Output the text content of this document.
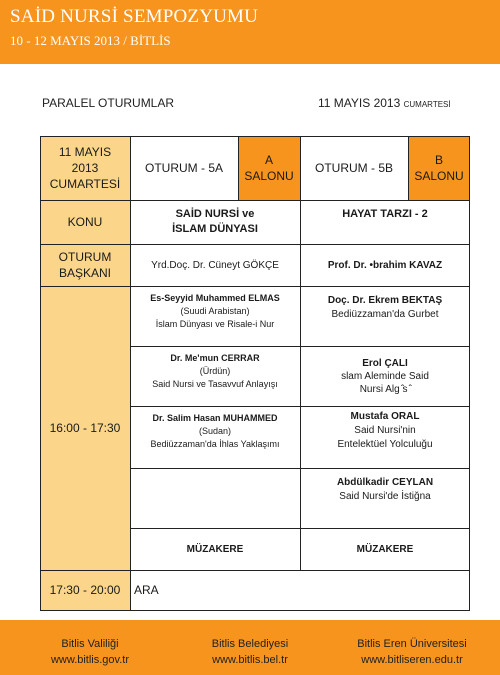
SAİD NURSİ SEMPOZYUMU
10 - 12 MAYIS 2013 / BİTLİS
PARALEL OTURUMLAR	11 MAYIS 2013 CUMARTESİ
11 MAYIS
2013
CUMARTESİ
KONU
OTURUM
BAŞKANI
16:00 - 17:30
17:30 - 20:00
OTURUM - 5A
A
SALONU
OTURUM - 5B
B
SALONU
SAİD NURSİ ve
İSLAM DÜNYASI
HAYAT TARZI - 2
Yrd.Doç. Dr. Cüneyt GÖKÇE	Prof. Dr. •brahim KAVAZ
Es-Seyyid Muhammed ELMAS
(Suudi Arabistan)
İslam Dünyası ve Risale-i Nur
Dr. Me'mun CERRAR
(Ürdün)
Said Nursi ve Tasavvuf Anlayışı
Dr. Salim Hasan MUHAMMED
(Sudan)
Bediüzzaman'da İhlas Yaklaşımı
MÜZAKERE
Doç. Dr. Ekrem BEKTAŞ
Bediüzzaman'da Gurbet
Erol ÇALI
slam Aleminde Said
Nursi Alg ̂s ̂
Mustafa ORAL
Said Nursi'nin
Entelektüel Yolculuğu
Abdülkadir CEYLAN
Said Nursi'de İstiğna
MÜZAKERE
ARA
Bitlis Valiliği
www.bitlis.gov.tr
Bitlis Belediyesi
www.bitlis.bel.tr
Bitlis Eren Üniversitesi
www.bitliseren.edu.tr
